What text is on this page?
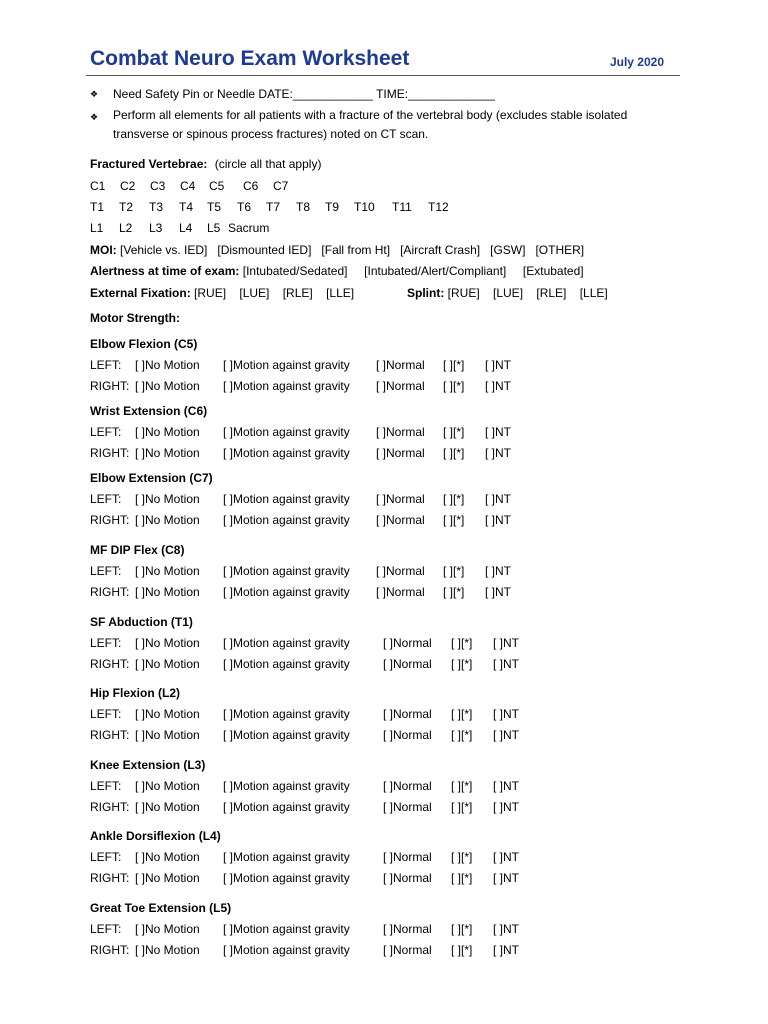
Combat Neuro Exam Worksheet	July 2020
❖ Need Safety Pin or Needle DATE:____________ TIME:_____________
❖ Perform all elements for all patients with a fracture of the vertebral body (excludes stable isolated transverse or spinous process fractures) noted on CT scan.
Fractured Vertebrae: (circle all that apply)
C1 C2 C3 C4 C5 C6 C7
T1 T2 T3 T4 T5 T6 T7 T8 T9 T10 T11 T12
L1 L2 L3 L4 L5 Sacrum
MOI: [Vehicle vs. IED]   [Dismounted IED]   [Fall from Ht]   [Aircraft Crash]   [GSW]   [OTHER]
Alertness at time of exam: [Intubated/Sedated]     [Intubated/Alert/Compliant]     [Extubated]
External Fixation: [RUE]    [LUE]    [RLE]    [LLE]	Splint: [RUE]    [LUE]    [RLE]    [LLE]
Motor Strength:
Elbow Flexion (C5)
LEFT: [ ]No Motion [ ]Motion against gravity [ ]Normal [ ][*] [ ]NT
RIGHT: [ ]No Motion [ ]Motion against gravity [ ]Normal [ ][*] [ ]NT
Wrist Extension (C6)
LEFT: [ ]No Motion [ ]Motion against gravity [ ]Normal [ ][*] [ ]NT
RIGHT: [ ]No Motion [ ]Motion against gravity [ ]Normal [ ][*] [ ]NT
Elbow Extension (C7)
LEFT: [ ]No Motion [ ]Motion against gravity [ ]Normal [ ][*] [ ]NT
RIGHT: [ ]No Motion [ ]Motion against gravity [ ]Normal [ ][*] [ ]NT
MF DIP Flex (C8)
LEFT: [ ]No Motion [ ]Motion against gravity [ ]Normal [ ][*] [ ]NT
RIGHT: [ ]No Motion [ ]Motion against gravity [ ]Normal [ ][*] [ ]NT
SF Abduction (T1)
LEFT: [ ]No Motion [ ]Motion against gravity	[ ]Normal [ ][*] [ ]NT
RIGHT: [ ]No Motion [ ]Motion against gravity	[ ]Normal [ ][*] [ ]NT
Hip Flexion (L2)
LEFT: [ ]No Motion [ ]Motion against gravity	[ ]Normal [ ][*] [ ]NT
RIGHT: [ ]No Motion [ ]Motion against gravity	[ ]Normal [ ][*] [ ]NT
Knee Extension (L3)
LEFT: [ ]No Motion [ ]Motion against gravity	[ ]Normal [ ][*] [ ]NT
RIGHT: [ ]No Motion [ ]Motion against gravity	[ ]Normal [ ][*] [ ]NT
Ankle Dorsiflexion (L4)
LEFT: [ ]No Motion [ ]Motion against gravity	[ ]Normal [ ][*] [ ]NT
RIGHT: [ ]No Motion [ ]Motion against gravity	[ ]Normal [ ][*] [ ]NT
Great Toe Extension (L5)
LEFT: [ ]No Motion [ ]Motion against gravity	[ ]Normal [ ][*] [ ]NT
RIGHT: [ ]No Motion [ ]Motion against gravity	[ ]Normal [ ][*] [ ]NT
